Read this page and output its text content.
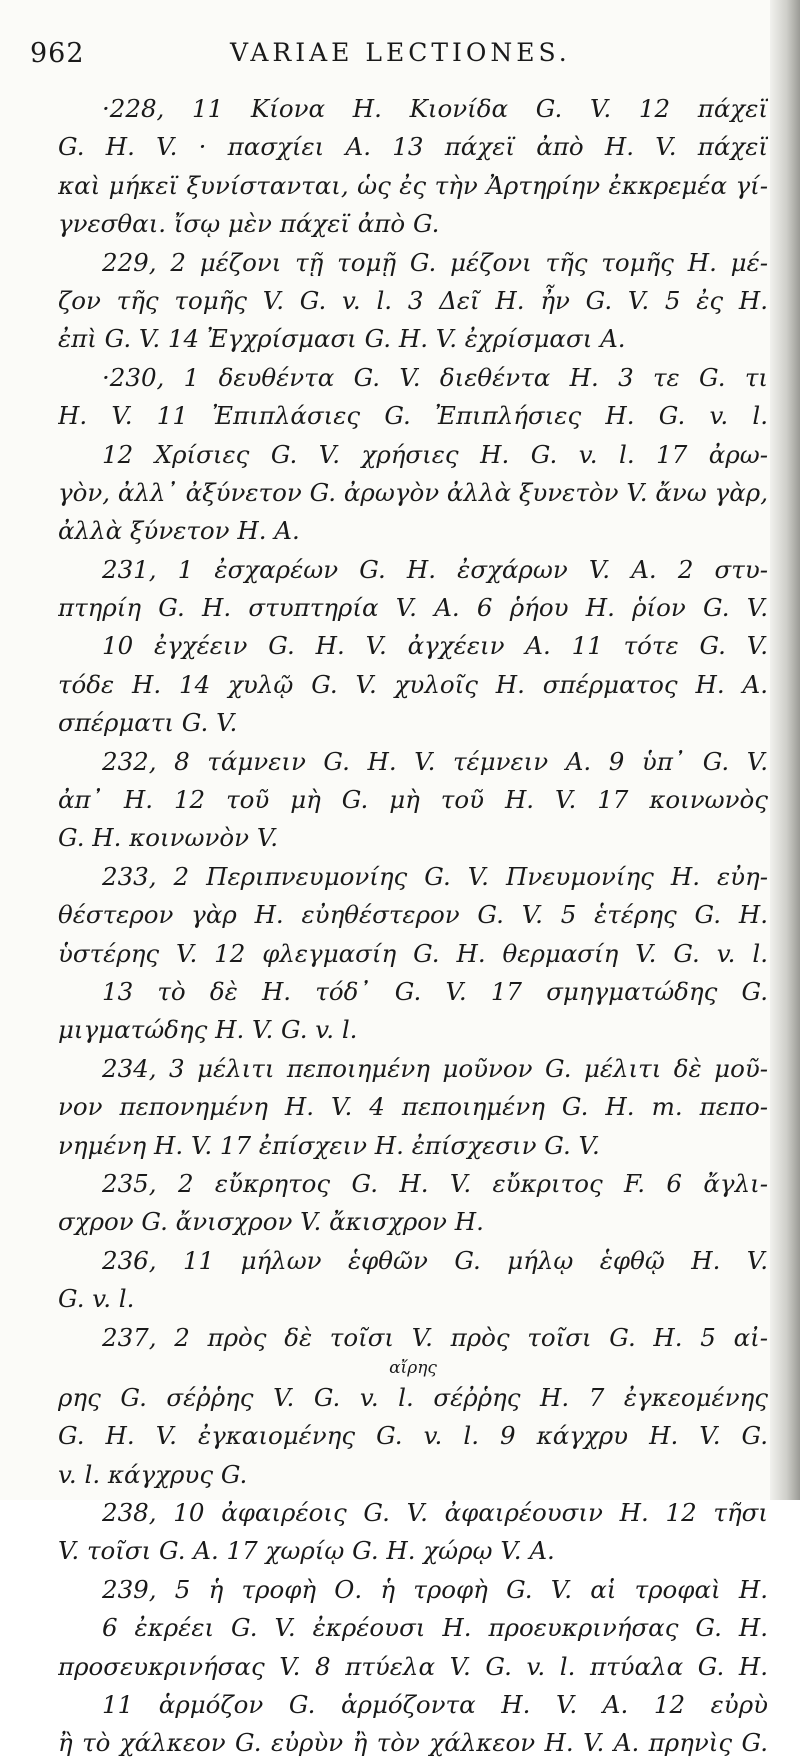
962	VARIAE LECTIONES.
·228, 11 Κίονα Η. Κιονίδα G. V. 12 πάχεϊ
G. H. V. · πασχίει Α. 13 πάχεϊ ἀπὸ Η. V. πάχεϊ
καὶ μήκεϊ ξυνίστανται, ὡς ἐς τὴν Ἀρτηρίην ἐκκρεμέα γί-
γνεσθαι. ἴσῳ μὲν πάχεϊ ἀπὸ G.
229, 2 μέζονι τῇ τομῇ G. μέζονι τῆς τομῆς Η. μέ-
ζον τῆς τομῆς V. G. v. l. 3 Δεῖ Η. ἦν G. V. 5 ἐς Η.
ἐπὶ G. V. 14 Ἐγχρίσμασι G. H. V. ἐχρίσμασι Α.
·230, 1 δευθέντα G. V. διεθέντα Η. 3 τε G. τι
H. V. 11 Ἐπιπλάσιες G. Ἐπιπλήσιες Η. G. v. l.
12 Χρίσιες G. V. χρήσιες Η. G. v. l. 17 ἀρω-
γὸν, ἀλλ᾽ ἀξύνετον G. ἀρωγὸν ἀλλὰ ξυνετὸν V. ἄνω γὰρ,
ἀλλὰ ξύνετον Η. Α.
231, 1 ἐσχαρέων G. H. ἐσχάρων V. Α. 2 στυ-
πτηρίη G. H. στυπτηρία V. Α. 6 ῥήου Η. ῥίον G. V.
10 ἐγχέειν G. H. V. ἀγχέειν Α. 11 τότε G. V.
τόδε Η. 14 χυλῷ G. V. χυλοῖς Η. σπέρματος Η. Α.
σπέρματι G. V.
232, 8 τάμνειν G. H. V. τέμνειν Α. 9 ὑπ᾽ G. V.
ἀπ᾽ Η. 12 τοῦ μὴ G. μὴ τοῦ Η. V. 17 κοινωνὸς
G. H. κοινωνὸν V.
233, 2 Περιπνευμονίης G. V. Πνευμονίης Η. εὐη-
θέστερον γὰρ Η. εὐηθέστερον G. V. 5 ἑτέρης G. H.
ὑστέρης V. 12 φλεγμασίη G. H. θερμασίη V. G. v. l.
13 τὸ δὲ Η. τόδ᾽ G. V. 17 σμηγματώδης G.
μιγματώδης Η. V. G. v. l.
234, 3 μέλιτι πεποιημένη μοῦνον G. μέλιτι δὲ μοῦ-
νον πεπονημένη Η. V. 4 πεποιημένη G. H. m. πεπο-
νημένη Η. V. 17 ἐπίσχειν Η. ἐπίσχεσιν G. V.
235, 2 εὔκρητος G. H. V. εὔκριτος F. 6 ἄγλι-
σχρον G. ἄνισχρον V. ἄκισχρον Η.
236, 11 μήλων ἑφθῶν G. μήλῳ ἑφθῷ Η. V.
G. v. l.
237, 2 πρὸς δὲ τοῖσι V. πρὸς τοῖσι G. H. 5 αἰ-
αἴρης
ρης G. σέῤῥης V. G. v. l. σέῤῥης Η. 7 ἐγκεομένης
G. H. V. ἐγκαιομένης G. v. l. 9 κάγχρυ Η. V. G.
v. l. κάγχρυς G.
238, 10 ἀφαιρέοις G. V. ἀφαιρέουσιν Η. 12 τῆσι
V. τοῖσι G. Α. 17 χωρίῳ G. H. χώρῳ V. Α.
239, 5 ἡ τροφὴ Ο. ἡ τροφὴ G. V. αἱ τροφαὶ Η.
6 ἐκρέει G. V. ἐκρέουσι Η. προευκρινήσας G. H.
προσευκρινήσας V. 8 πτύελα V. G. v. l. πτύαλα G. H.
11 ἁρμόζον G. ἁρμόζοντα Η. V. Α. 12 εὐρὺ
ἢ τὸ χάλκεον G. εὐρὺν ἢ τὸν χάλκεον Η. V. Α. πρηνὶς G.
